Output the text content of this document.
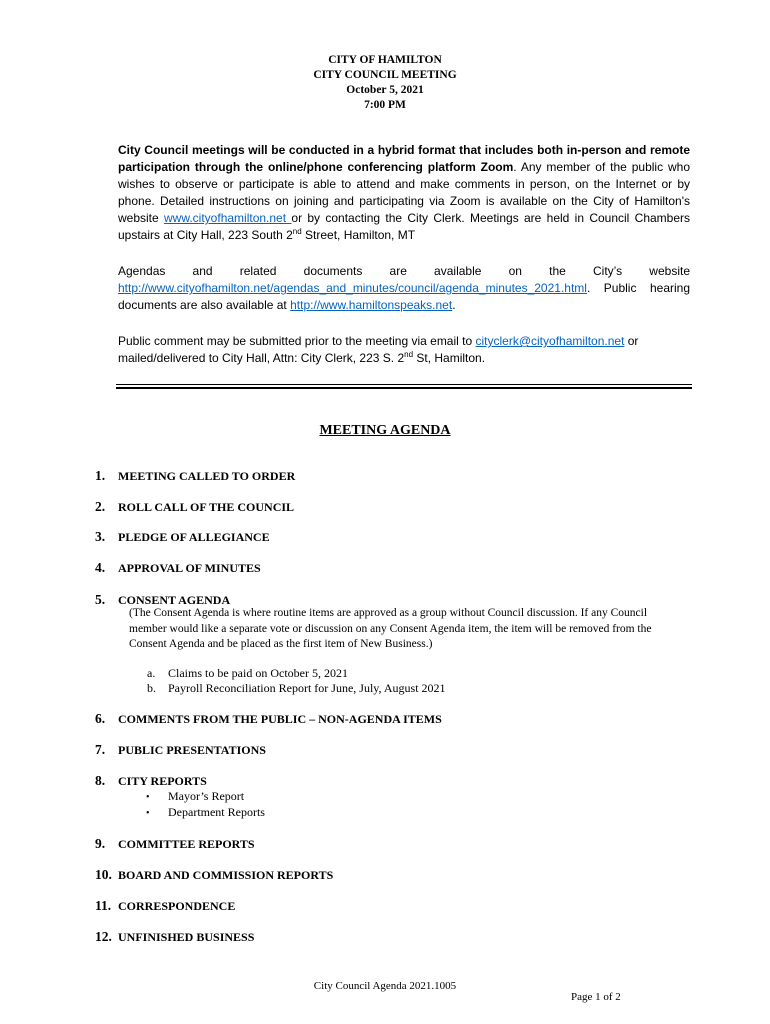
CITY OF HAMILTON
CITY COUNCIL MEETING
October 5, 2021
7:00 PM
City Council meetings will be conducted in a hybrid format that includes both in-person and remote participation through the online/phone conferencing platform Zoom. Any member of the public who wishes to observe or participate is able to attend and make comments in person, on the Internet or by phone. Detailed instructions on joining and participating via Zoom is available on the City of Hamilton's website www.cityofhamilton.net or by contacting the City Clerk. Meetings are held in Council Chambers upstairs at City Hall, 223 South 2nd Street, Hamilton, MT
Agendas and related documents are available on the City’s website http://www.cityofhamilton.net/agendas_and_minutes/council/agenda_minutes_2021.html. Public hearing documents are also available at http://www.hamiltonspeaks.net.
Public comment may be submitted prior to the meeting via email to cityclerk@cityofhamilton.net or mailed/delivered to City Hall, Attn: City Clerk, 223 S. 2nd St, Hamilton.
MEETING AGENDA
1. MEETING CALLED TO ORDER
2. ROLL CALL OF THE COUNCIL
3. PLEDGE OF ALLEGIANCE
4. APPROVAL OF MINUTES
5. CONSENT AGENDA
(The Consent Agenda is where routine items are approved as a group without Council discussion. If any Council member would like a separate vote or discussion on any Consent Agenda item, the item will be removed from the Consent Agenda and be placed as the first item of New Business.)
a. Claims to be paid on October 5, 2021
b. Payroll Reconciliation Report for June, July, August 2021
6. COMMENTS FROM THE PUBLIC – NON-AGENDA ITEMS
7. PUBLIC PRESENTATIONS
8. CITY REPORTS
• Mayor’s Report
• Department Reports
9. COMMITTEE REPORTS
10. BOARD AND COMMISSION REPORTS
11. CORRESPONDENCE
12. UNFINISHED BUSINESS
City Council Agenda 2021.1005
Page 1 of 2
